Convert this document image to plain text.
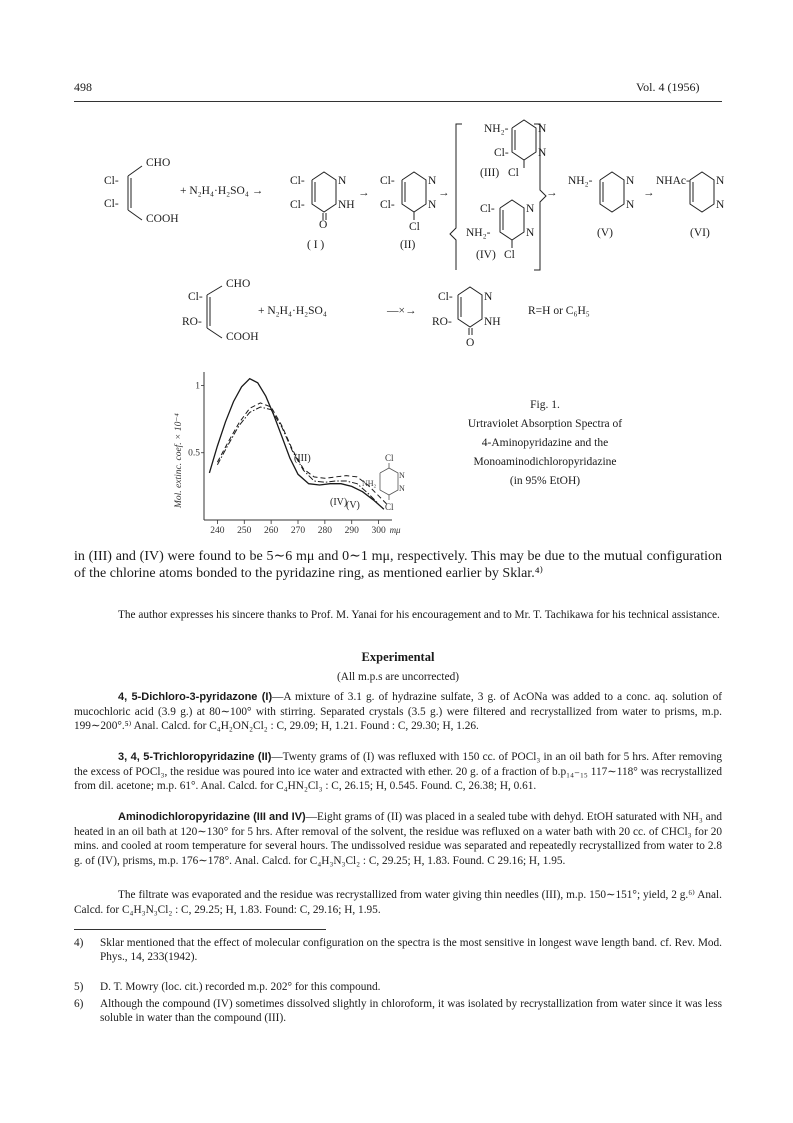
498	Vol. 4 (1956)
CHO
Cl-
Cl-
COOH
+ N₂H₄·H₂SO₄ →
Cl-	N
Cl-	NH
O
( I )
→
Cl-	N
Cl-	N
Cl
(II)
→
NH₂-	N
Cl-	N
(III) Cl
Cl-	N
NH₂-	N
(IV) Cl
→
NH₂-	N
N
(V)
→
NHAc- N
N
(VI)
CHO
Cl-
RO-
COOH
+ N₂H₄·H₂SO₄	—×→
Cl-	N
RO-	NH
O
R=H or C₆H₅
240 250 260 270 280 290 300 mμ
0.5
1
Mol. extinc. coef. × 10⁻⁴	(III)
(IV)
(V)
Cl
NH₂
N
N
Cl
Fig. 1.
Urtraviolet Absorption Spectra of
4-Aminopyridazine and the
Monoaminodichloropyridazine
(in 95% EtOH)
in (III) and (IV) were found to be 5∼6 mμ and 0∼1 mμ, respectively. This may be due to the mutual configuration of the chlorine atoms bonded to the pyridazine ring, as mentioned earlier by Sklar.⁴⁾
The author expresses his sincere thanks to Prof. M. Yanai for his encouragement and to Mr. T. Tachikawa for his technical assistance.
Experimental
(All m.p.s are uncorrected)
4, 5-Dichloro-3-pyridazone (I)—A mixture of 3.1 g. of hydrazine sulfate, 3 g. of AcONa was added to a conc. aq. solution of mucochloric acid (3.9 g.) at 80∼100° with stirring. Separated crystals (3.5 g.) were filtered and recrystallized from water to prisms, m.p. 199∼200°.⁵⁾ Anal. Calcd. for C₄H₂ON₂Cl₂ : C, 29.09; H, 1.21. Found : C, 29.30; H, 1.26.
3, 4, 5-Trichloropyridazine (II)—Twenty grams of (I) was refluxed with 150 cc. of POCl₃ in an oil bath for 5 hrs. After removing the excess of POCl₃, the residue was poured into ice water and extracted with ether. 20 g. of a fraction of b.p₁₄₋₁₅ 117∼118° was recrystallized from dil. acetone; m.p. 61°. Anal. Calcd. for C₄HN₂Cl₃ : C, 26.15; H, 0.545. Found. C, 26.38; H, 0.61.
Aminodichloropyridazine (III and IV)—Eight grams of (II) was placed in a sealed tube with dehyd. EtOH saturated with NH₃ and heated in an oil bath at 120∼130° for 5 hrs. After removal of the solvent, the residue was refluxed on a water bath with 20 cc. of CHCl₃ for 20 mins. and cooled at room temperature for several hours. The undissolved residue was separated and repeatedly recrystallized from water to 2.8 g. of (IV), prisms, m.p. 176∼178°. Anal. Calcd. for C₄H₃N₃Cl₂ : C, 29.25; H, 1.83. Found. C 29.16; H, 1.95.
The filtrate was evaporated and the residue was recrystallized from water giving thin needles (III), m.p. 150∼151°; yield, 2 g.⁶⁾ Anal. Calcd. for C₄H₃N₃Cl₂ : C, 29.25; H, 1.83. Found: C, 29.16; H, 1.95.
4) Sklar mentioned that the effect of molecular configuration on the spectra is the most sensitive in longest wave length band. cf. Rev. Mod. Phys., 14, 233(1942).
5) D. T. Mowry (loc. cit.) recorded m.p. 202° for this compound.
6) Although the compound (IV) sometimes dissolved slightly in chloroform, it was isolated by recrystallization from water since it was less soluble in water than the compound (III).
